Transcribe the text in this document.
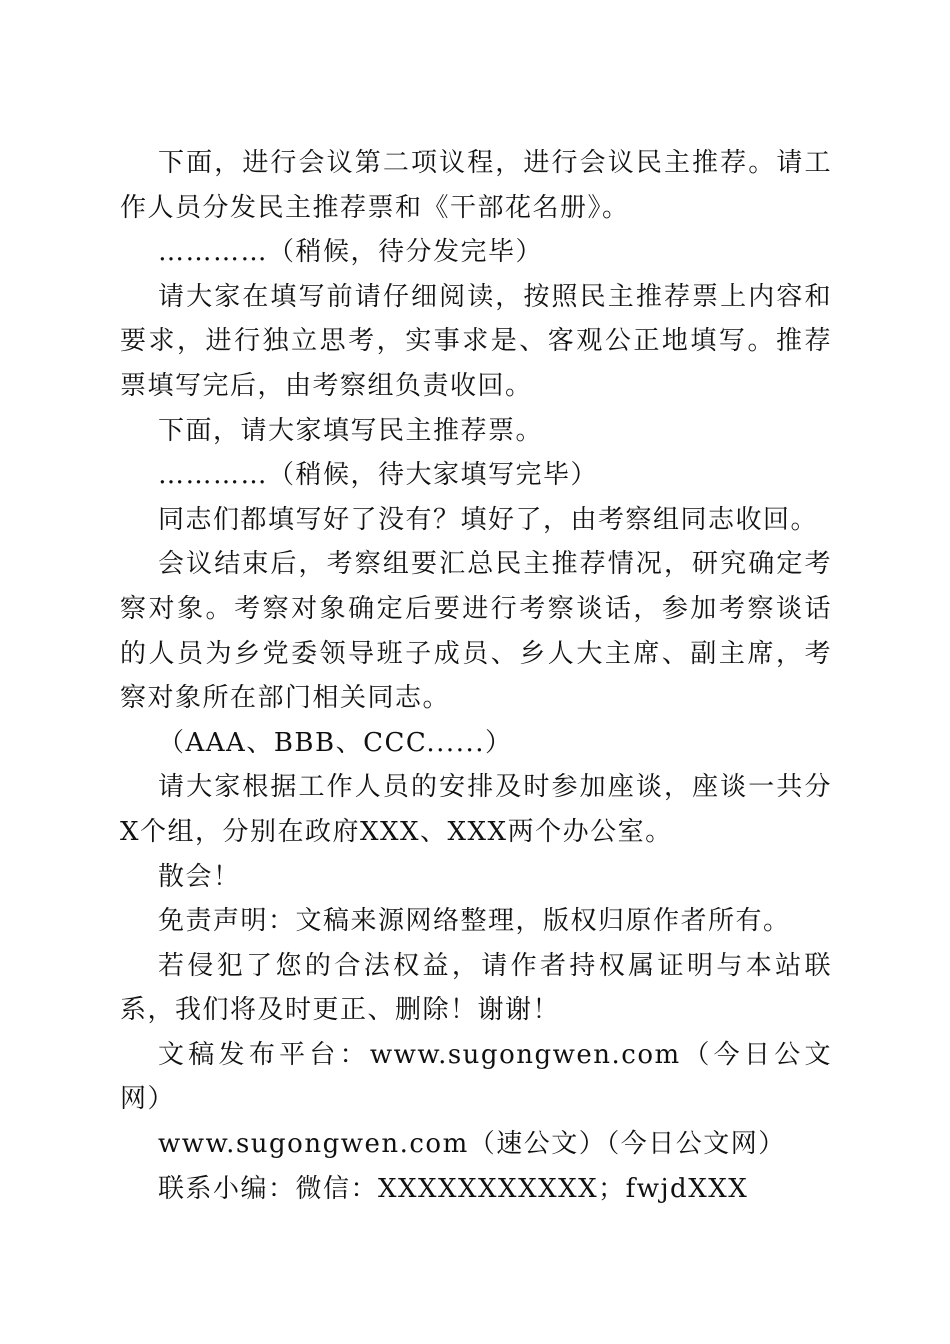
下面，进行会议第二项议程，进行会议民主推荐。请工作人员分发民主推荐票和《干部花名册》。

…………（稍候，待分发完毕）

请大家在填写前请仔细阅读，按照民主推荐票上内容和要求，进行独立思考，实事求是、客观公正地填写。推荐票填写完后，由考察组负责收回。

下面，请大家填写民主推荐票。

…………（稍候，待大家填写完毕）

同志们都填写好了没有？填好了，由考察组同志收回。

会议结束后，考察组要汇总民主推荐情况，研究确定考察对象。考察对象确定后要进行考察谈话，参加考察谈话的人员为乡党委领导班子成员、乡人大主席、副主席，考察对象所在部门相关同志。

（AAA、BBB、CCC......）

请大家根据工作人员的安排及时参加座谈，座谈一共分X个组，分别在政府XXX、XXX两个办公室。

散会！

免责声明：文稿来源网络整理，版权归原作者所有。

若侵犯了您的合法权益，请作者持权属证明与本站联系，我们将及时更正、删除！谢谢！

文稿发布平台：www.sugongwen.com（今日公文网）

www.sugongwen.com（速公文）（今日公文网）

联系小编：微信：XXXXXXXXXXX；fwjdXXX
